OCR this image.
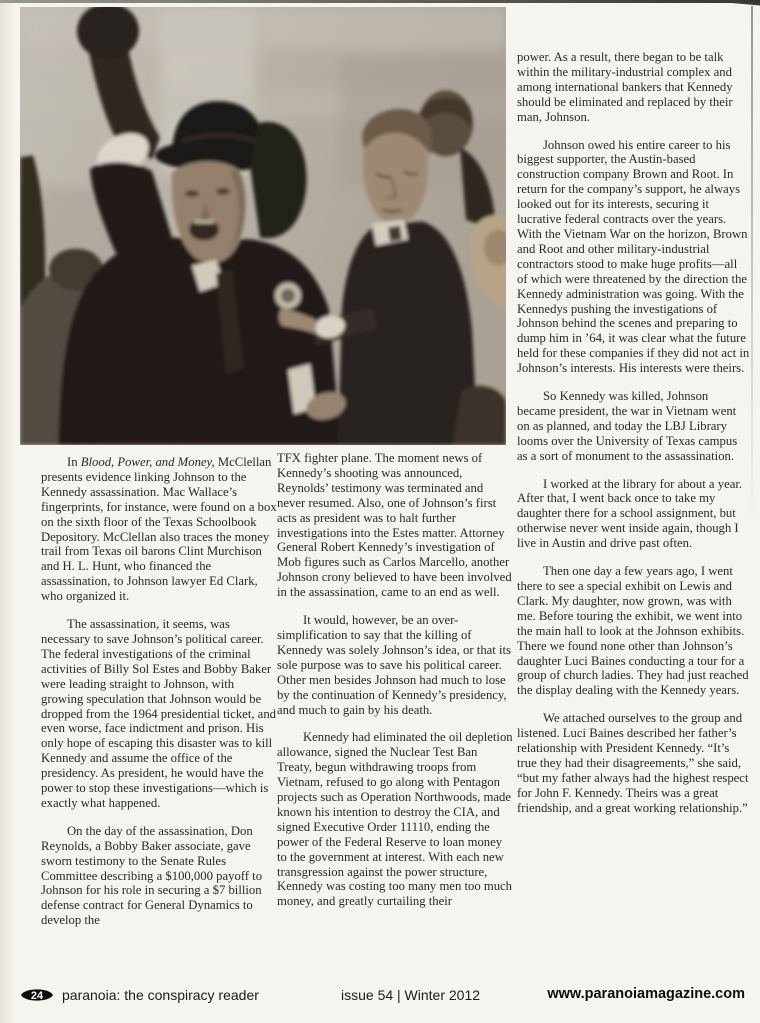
In Blood, Power, and Money, McClellan presents evidence linking Johnson to the Kennedy assassination. Mac Wallace’s fingerprints, for instance, were found on a box on the sixth floor of the Texas Schoolbook Depository. McClellan also traces the money trail from Texas oil barons Clint Murchison and H. L. Hunt, who financed the assassination, to Johnson lawyer Ed Clark, who organized it.

The assassination, it seems, was necessary to save Johnson’s political career. The federal investigations of the criminal activities of Billy Sol Estes and Bobby Baker were leading straight to Johnson, with growing speculation that Johnson would be dropped from the 1964 presidential ticket, and even worse, face indictment and prison. His only hope of escaping this disaster was to kill Kennedy and assume the office of the presidency. As president, he would have the power to stop these investigations—which is exactly what happened.

On the day of the assassination, Don Reynolds, a Bobby Baker associate, gave sworn testimony to the Senate Rules Committee describing a $100,000 payoff to Johnson for his role in securing a $7 billion defense contract for General Dynamics to develop the

TFX fighter plane. The moment news of Kennedy’s shooting was announced, Reynolds’ testimony was terminated and never resumed. Also, one of Johnson’s first acts as president was to halt further investigations into the Estes matter. Attorney General Robert Kennedy’s investigation of Mob figures such as Carlos Marcello, another Johnson crony believed to have been involved in the assassination, came to an end as well.

It would, however, be an over-simplification to say that the killing of Kennedy was solely Johnson’s idea, or that its sole purpose was to save his political career. Other men besides Johnson had much to lose by the continuation of Kennedy’s presidency, and much to gain by his death.

Kennedy had eliminated the oil depletion allowance, signed the Nuclear Test Ban Treaty, begun withdrawing troops from Vietnam, refused to go along with Pentagon projects such as Operation Northwoods, made known his intention to destroy the CIA, and signed Executive Order 11110, ending the power of the Federal Reserve to loan money to the government at interest. With each new transgression against the power structure, Kennedy was costing too many men too much money, and greatly curtailing their

power. As a result, there began to be talk within the military-industrial complex and among international bankers that Kennedy should be eliminated and replaced by their man, Johnson.

Johnson owed his entire career to his biggest supporter, the Austin-based construction company Brown and Root. In return for the company’s support, he always looked out for its interests, securing it lucrative federal contracts over the years. With the Vietnam War on the horizon, Brown and Root and other military-industrial contractors stood to make huge profits—all of which were threatened by the direction the Kennedy administration was going. With the Kennedys pushing the investigations of Johnson behind the scenes and preparing to dump him in ’64, it was clear what the future held for these companies if they did not act in Johnson’s interests. His interests were theirs.

So Kennedy was killed, Johnson became president, the war in Vietnam went on as planned, and today the LBJ Library looms over the University of Texas campus as a sort of monument to the assassination.

I worked at the library for about a year. After that, I went back once to take my daughter there for a school assignment, but otherwise never went inside again, though I live in Austin and drive past often.

Then one day a few years ago, I went there to see a special exhibit on Lewis and Clark. My daughter, now grown, was with me. Before touring the exhibit, we went into the main hall to look at the Johnson exhibits. There we found none other than Johnson’s daughter Luci Baines conducting a tour for a group of church ladies. They had just reached the display dealing with the Kennedy years.

We attached ourselves to the group and listened. Luci Baines described her father’s relationship with President Kennedy. “It’s true they had their disagreements,” she said, “but my father always had the highest respect for John F. Kennedy. Theirs was a great friendship, and a great working relationship.”

24 paranoia: the conspiracy reader	issue 54 | Winter 2012	www.paranoiamagazine.com
